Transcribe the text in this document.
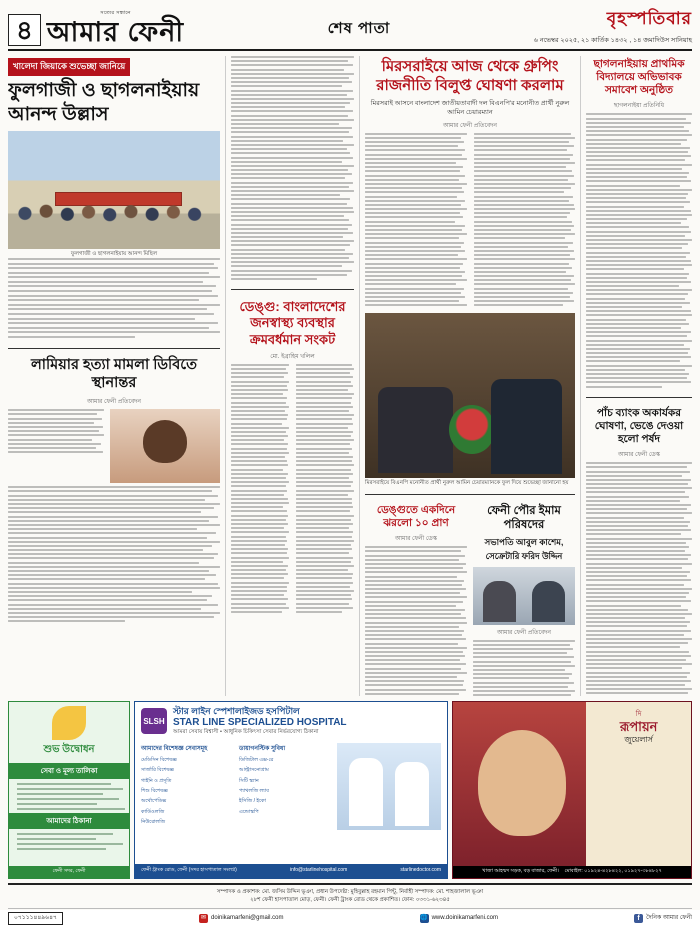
৪
সত্যের সন্ধানে
আমার ফেনী	শেষ পাতা
বৃহস্পতিবার
৬ নভেম্বর ২০২৫, ২১ কার্তিক ১৪৩২ , ১৪ জমাদিউস সানিয়াহ
খালেদা জিয়াকে শুভেচ্ছা জানিয়ে
ফুলগাজী ও ছাগলনাইয়ায় আনন্দ উল্লাস
ফুলগাজী ও ছাগলনাইয়ায় আনন্দ মিছিল
লামিয়ার হত্যা মামলা ডিবিতে স্থানান্তর
আমার ফেনী প্রতিবেদন
ডেঙ্গু: বাংলাদেশের জনস্বাস্থ্য ব্যবস্থার ক্রমবর্ধমান সংকট
মো. ইব্রাহিম খলিল
মিরসরাইয়ে আজ থেকে গ্রুপিং রাজনীতি বিলুপ্ত ঘোষণা করলাম
মিরসরাই আসনে বাংলাদেশ জাতীয়তাবাদী দল বিএনপি'র মনোনীত প্রার্থী নুরুল আমিন চেয়ারম্যান
আমার ফেনী প্রতিবেদন
মিরসরাইয়ে বিএনপি মনোনীত প্রার্থী নুরুল আমিন চেয়ারম্যানকে ফুল দিয়ে শুভেচ্ছা জানানো হয়
ডেঙ্গুতে একদিনে ঝরলো ১০ প্রাণ
আমার ফেনী ডেস্ক
ফেনী পৌর ইমাম পরিষদের
সভাপতি আবুল কাশেম, সেক্রেটারি ফরিদ উদ্দিন
আমার ফেনী প্রতিবেদন
ছাগলনাইয়ায় প্রাথমিক বিদ্যালয়ে অভিভাবক সমাবেশ অনুষ্ঠিত
ছাগলনাইয়া প্রতিনিধি
পাঁচ ব্যাংক অকার্যকর ঘোষণা, ভেঙে দেওয়া হলো পর্ষদ
আমার ফেনী ডেস্ক
শুভ উদ্বোধন
সেবা ও মূল্য তালিকা
আমাদের ঠিকানা
ফেনী সদর, ফেনী
SLSH
স্টার লাইন স্পেশালাইজড হসপিটাল
STAR LINE SPECIALIZED HOSPITAL
আমরা সেবায় বিশ্বাসী • আধুনিক চিকিৎসা সেবার নির্ভরযোগ্য ঠিকানা
আমাদের বিশেষজ্ঞ সেবাসমূহ
মেডিসিন বিশেষজ্ঞ
সার্জারি বিশেষজ্ঞ
গাইনি ও প্রসূতি
শিশু বিশেষজ্ঞ
অর্থোপেডিক্স
কার্ডিওলজি
নিউরোলজি
ডায়াগনস্টিক সুবিধা
ডিজিটাল এক্স-রে
আল্ট্রাসনোগ্রাম
সিটি স্ক্যান
প্যাথলজি ল্যাব
ইসিজি / ইকো
এন্ডোস্কপি
ফেনী ট্রাংক রোড, ফেনী (সদর হাসপাতাল সংলগ্ন)	info@starlinehospital.com	starlinedoctor.com
দি
রূপায়ন
জুয়েলার্স
খাজা আহম্মদ সড়ক, বড় বাজার, ফেনী। মোবাইল: ০১৯২৪-৪২৮৪২২, ০১৯২৭-৩৮৪৮২৭
সম্পাদক ও প্রকাশক: মো. জসিম উদ্দিন ভূঞা, প্রধান উপদেষ্টা: মুহিবুল্লাহ রহমান পিন্টু, নির্বাহী সম্পাদক: মো. শাহজালাল ভূঞা
২৮শ ফেনী হাসপাতাল মোড়, ফেনী। ফেনী ট্রাংক রোড থেকে প্রকাশিত। ফোন: ০৩৩১-৬২৩৪৫
০৭১১১৪৪৯৬৪৭	✉ doinikamarfeni@gmail.com	🌐 www.doinikamarfeni.com	f	দৈনিক আমার ফেনী
